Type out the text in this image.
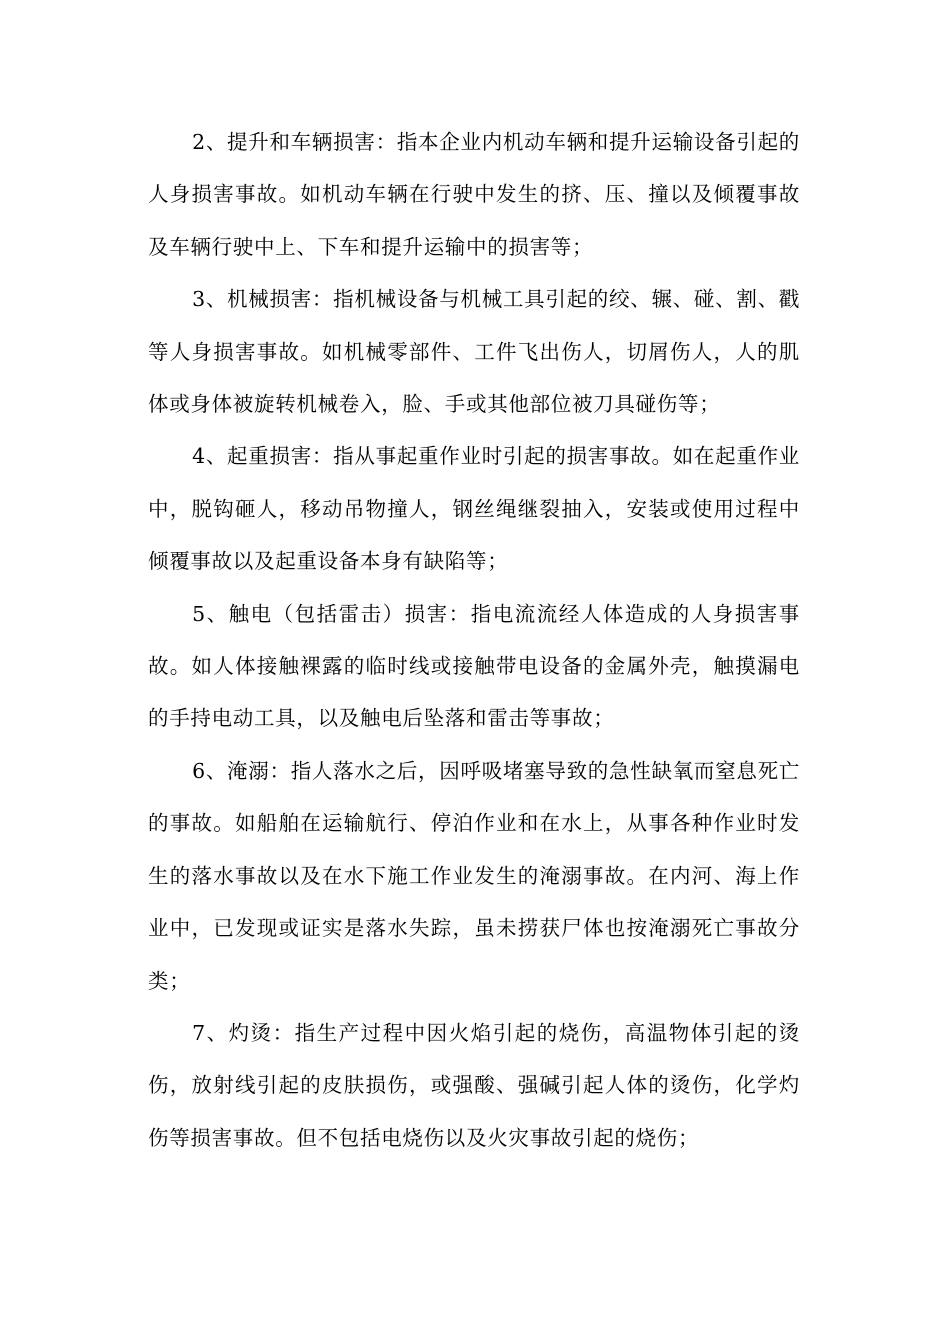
2、提升和车辆损害：指本企业内机动车辆和提升运输设备引起的人身损害事故。如机动车辆在行驶中发生的挤、压、撞以及倾覆事故及车辆行驶中上、下车和提升运输中的损害等；

3、机械损害：指机械设备与机械工具引起的绞、辗、碰、割、戳等人身损害事故。如机械零部件、工件飞出伤人，切屑伤人，人的肌体或身体被旋转机械卷入，脸、手或其他部位被刀具碰伤等；

4、起重损害：指从事起重作业时引起的损害事故。如在起重作业中，脱钩砸人，移动吊物撞人，钢丝绳继裂抽入，安装或使用过程中倾覆事故以及起重设备本身有缺陷等；

5、触电（包括雷击）损害：指电流流经人体造成的人身损害事故。如人体接触裸露的临时线或接触带电设备的金属外壳，触摸漏电的手持电动工具，以及触电后坠落和雷击等事故；

6、淹溺：指人落水之后，因呼吸堵塞导致的急性缺氧而窒息死亡的事故。如船舶在运输航行、停泊作业和在水上，从事各种作业时发生的落水事故以及在水下施工作业发生的淹溺事故。在内河、海上作业中，已发现或证实是落水失踪，虽未捞获尸体也按淹溺死亡事故分类；

7、灼烫：指生产过程中因火焰引起的烧伤，高温物体引起的烫伤，放射线引起的皮肤损伤，或强酸、强碱引起人体的烫伤，化学灼伤等损害事故。但不包括电烧伤以及火灾事故引起的烧伤；
